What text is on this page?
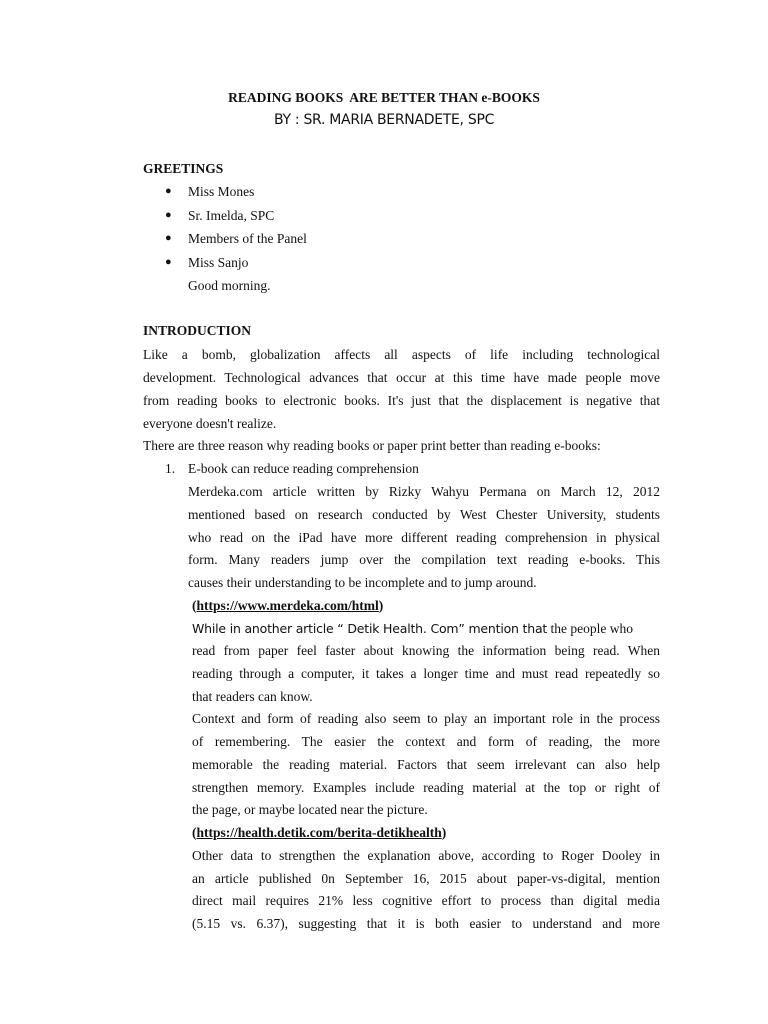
READING BOOKS  ARE BETTER THAN e-BOOKS
BY : SR. MARIA BERNADETE, SPC
GREETINGS
● Miss Mones
● Sr. Imelda, SPC
● Members of the Panel
● Miss Sanjo
Good morning.
INTRODUCTION
Like a bomb, globalization affects all aspects of life including technological
development. Technological advances that occur at this time have made people move
from reading books to electronic books. It's just that the displacement is negative that
everyone doesn't realize.
There are three reason why reading books or paper print better than reading e-books:
1. E-book can reduce reading comprehension
Merdeka.com article written by Rizky Wahyu Permana on March 12, 2012
mentioned based on research conducted by West Chester University, students
who read on the iPad have more different reading comprehension in physical
form. Many readers jump over the compilation text reading e-books. This
causes their understanding to be incomplete and to jump around.
(https://www.merdeka.com/html)
While in another article “ Detik Health. Com” mention that the people who
read from paper feel faster about knowing the information being read. When
reading through a computer, it takes a longer time and must read repeatedly so
that readers can know.
Context and form of reading also seem to play an important role in the process
of remembering. The easier the context and form of reading, the more
memorable the reading material. Factors that seem irrelevant can also help
strengthen memory. Examples include reading material at the top or right of
the page, or maybe located near the picture.
(https://health.detik.com/berita-detikhealth)
Other data to strengthen the explanation above, according to Roger Dooley in
an article published 0n September 16, 2015 about paper-vs-digital, mention
direct mail requires 21% less cognitive effort to process than digital media
(5.15 vs. 6.37), suggesting that it is both easier to understand and more
